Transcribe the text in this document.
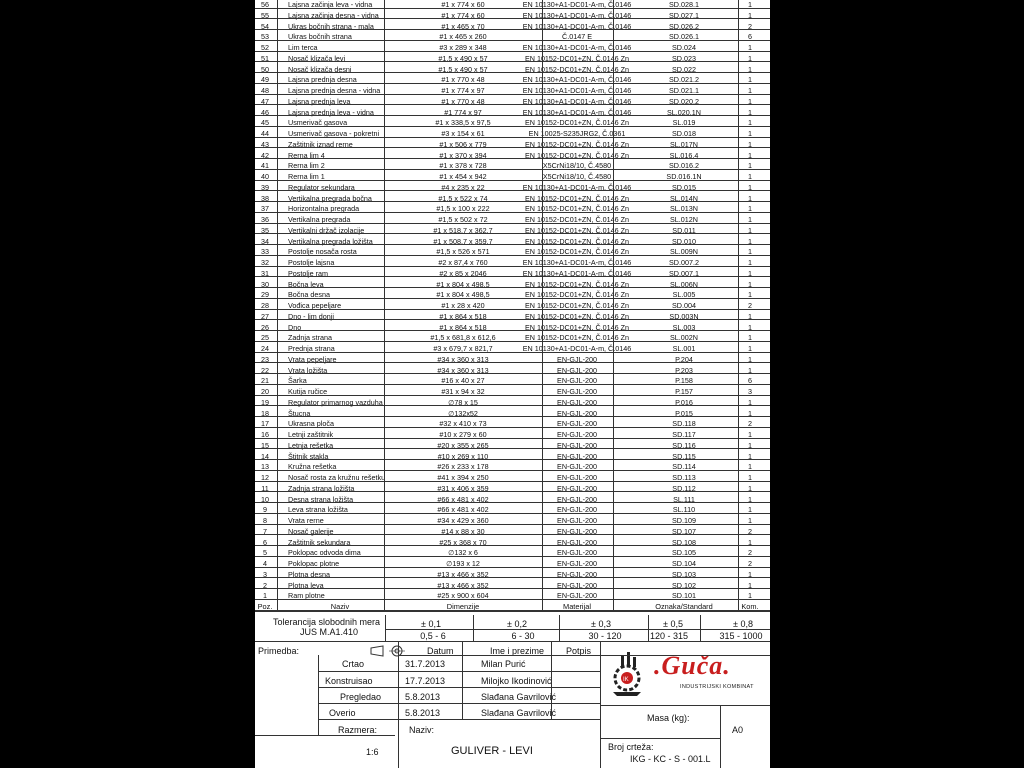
56	Lajsna začinja leva - vidna	#1 x 774 x 60	EN 10130+A1-DC01-A-m, Č.0146	SD.028.1	1
55	Lajsna začinja desna - vidna	#1 x 774 x 60	EN 10130+A1-DC01-A-m, Č.0146	SD.027.1	1
54	Ukras bočnih strana - mala	#1 x 465 x 70	EN 10130+A1-DC01-A-m, Č.0146	SD.026.2	2
53	Ukras bočnih strana	#1 x 465 x 260	Č.0147 E	SD.026.1	6
52	Lim terca	#3 x 289 x 348	EN 10130+A1-DC01-A-m, Č.0146	SD.024	1
51	Nosač klizača levi	#1,5 x 490 x 57	EN 10152-DC01+ZN, Č.0146 Zn	SD.023	1
50	Nosač klizača desni	#1,5 x 490 x 57	EN 10152-DC01+ZN, Č.0146 Zn	SD.022	1
49	Lajsna prednja desna	#1 x 770 x 48	EN 10130+A1-DC01-A-m, Č.0146	SD.021.2	1
48	Lajsna prednja desna - vidna	#1 x 774 x 97	EN 10130+A1-DC01-A-m, Č.0146	SD.021.1	1
47	Lajsna prednja leva	#1 x 770 x 48	EN 10130+A1-DC01-A-m, Č.0146	SD.020.2	1
46	Lajsna prednja leva - vidna	#1 774 x 97	EN 10130+A1-DC01-A-m, Č.0146	SL.020.1N	1
45	Usmerivač gasova	#1 x 338,5 x 97,5	EN 10152-DC01+ZN, Č.0146 Zn	SL.019	1
44	Usmerivač gasova - pokretni	#3 x 154 x 61	EN 10025-S235JRG2, Č.0361	SD.018	1
43	Zaštitnik iznad rerne	#1 x 506 x 779	EN 10152-DC01+ZN, Č.0146 Zn	SL.017N	1
42	Rerna lim 4	#1 x 370 x 394	EN 10152-DC01+ZN, Č.0146 Zn	SL.016.4	1
41	Rerna lim 2	#1 x 378 x 728	X5CrNi18/10, Č.4580	SD.016.2	1
40	Rerna lim 1	#1 x 454 x 942	X5CrNi18/10, Č.4580	SD.016.1N	1
39	Regulator sekundara	#4 x 235 x 22	EN 10130+A1-DC01-A-m, Č.0146	SD.015	1
38	Vertikalna pregrada bočna	#1,5 x 522 x 74	EN 10152-DC01+ZN, Č.0146 Zn	SL.014N	1
37	Horizontalna pregrada	#1,5 x 100 x 222	EN 10152-DC01+ZN, Č.0146 Zn	SL.013N	1
36	Vertikalna pregrada	#1,5 x 502 x 72	EN 10152-DC01+ZN, Č.0146 Zn	SL.012N	1
35	Vertikalni držač izolacije	#1 x 518,7 x 362,7	EN 10152-DC01+ZN, Č.0146 Zn	SD.011	1
34	Vertikalna pregrada ložišta	#1 x 508,7 x 359,7	EN 10152-DC01+ZN, Č.0146 Zn	SD.010	1
33	Postolje nosača rosta	#1,5 x 526 x 571	EN 10152-DC01+ZN, Č.0146 Zn	SL.009N	1
32	Postolje lajsna	#2 x 87,4 x 760	EN 10130+A1-DC01-A-m, Č.0146	SD.007.2	1
31	Postolje ram	#2 x 85 x 2046	EN 10130+A1-DC01-A-m, Č.0146	SD.007.1	1
30	Bočna leva	#1 x 804 x 498,5	EN 10152-DC01+ZN, Č.0146 Zn	SL.006N	1
29	Bočna desna	#1 x 804 x 498,5	EN 10152-DC01+ZN, Č.0146 Zn	SL.005	1
28	Vođica pepeljare	#1 x 28 x 420	EN 10152-DC01+ZN, Č.0146 Zn	SD.004	2
27	Dno - lim donji	#1 x 864 x 518	EN 10152-DC01+ZN, Č.0146 Zn	SD.003N	1
26	Dno	#1 x 864 x 518	EN 10152-DC01+ZN, Č.0146 Zn	SL.003	1
25	Zadnja strana	#1,5 x 681,8 x 612,6	EN 10152-DC01+ZN, Č.0146 Zn	SL.002N	1
24	Prednja strana	#3 x 679,7 x 821,7	EN 10130+A1-DC01-A-m, Č.0146	SL.001	1
23	Vrata pepeljare	#34 x 360 x 313	EN-GJL-200	P.204	1
22	Vrata ložišta	#34 x 360 x 313	EN-GJL-200	P.203	1
21	Šarka	#16 x 40 x 27	EN-GJL-200	P.158	6
20	Kutija ručice	#31 x 94 x 32	EN-GJL-200	P.157	3
19	Regulator primarnog vazduha	∅78 x 15	EN-GJL-200	P.016	1
18	Štucna	∅132x52	EN-GJL-200	P.015	1
17	Ukrasna ploča	#32 x 410 x 73	EN-GJL-200	SD.118	2
16	Letnji zaštitnik	#10 x 279 x 60	EN-GJL-200	SD.117	1
15	Letnja rešetka	#20 x 355 x 265	EN-GJL-200	SD.116	1
14	Štitnik stakla	#10 x 269 x 110	EN-GJL-200	SD.115	1
13	Kružna rešetka	#26 x 233 x 178	EN-GJL-200	SD.114	1
12	Nosač rosta za kružnu rešetku	#41 x 394 x 250	EN-GJL-200	SD.113	1
11	Zadnja strana ložišta	#31 x 406 x 359	EN-GJL-200	SD.112	1
10	Desna strana ložišta	#66 x 481 x 402	EN-GJL-200	SL.111	1
9	Leva strana ložišta	#66 x 481 x 402	EN-GJL-200	SL.110	1
8	Vrata rerne	#34 x 429 x 360	EN-GJL-200	SD.109	1
7	Nosač galerije	#14 x 88 x 30	EN-GJL-200	SD.107	2
6	Zaštitnik sekundara	#25 x 368 x 70	EN-GJL-200	SD.108	1
5	Poklopac odvoda dima	∅132 x 6	EN-GJL-200	SD.105	2
4	Poklopac plotne	∅193 x 12	EN-GJL-200	SD.104	2
3	Plotna desna	#13 x 466 x 352	EN-GJL-200	SD.103	1
2	Plotna leva	#13 x 466 x 352	EN-GJL-200	SD.102	1
1	Ram plotne	#25 x 900 x 604	EN-GJL-200	SD.101	1
Poz.	Naziv	Dimenzije	Materijal	Oznaka/Standard	Kom.
Tolerancija slobodnih mera
JUS M.A1.410
± 0,1	± 0,2	± 0,3	± 0,5	± 0,8
0,5 - 6	6 - 30	30 - 120	120 - 315	315 - 1000
Primedba:	Datum	Ime i prezime Potpis
Crtao	31.7.2013	Milan Purić
Konstruisao	17.7.2013	Milojko Ikodinović
Pregledao	5.8.2013	Slađana Gavrilović
Overio	5.8.2013	Slađana Gavrilović
Razmera:	Naziv:
1:6	GULIVER - LEVI
Masa (kg):
A0
Broj crteža:
IKG - KC - S - 001.L
IK .Guča.
INDUSTRIJSKI KOMBINAT
